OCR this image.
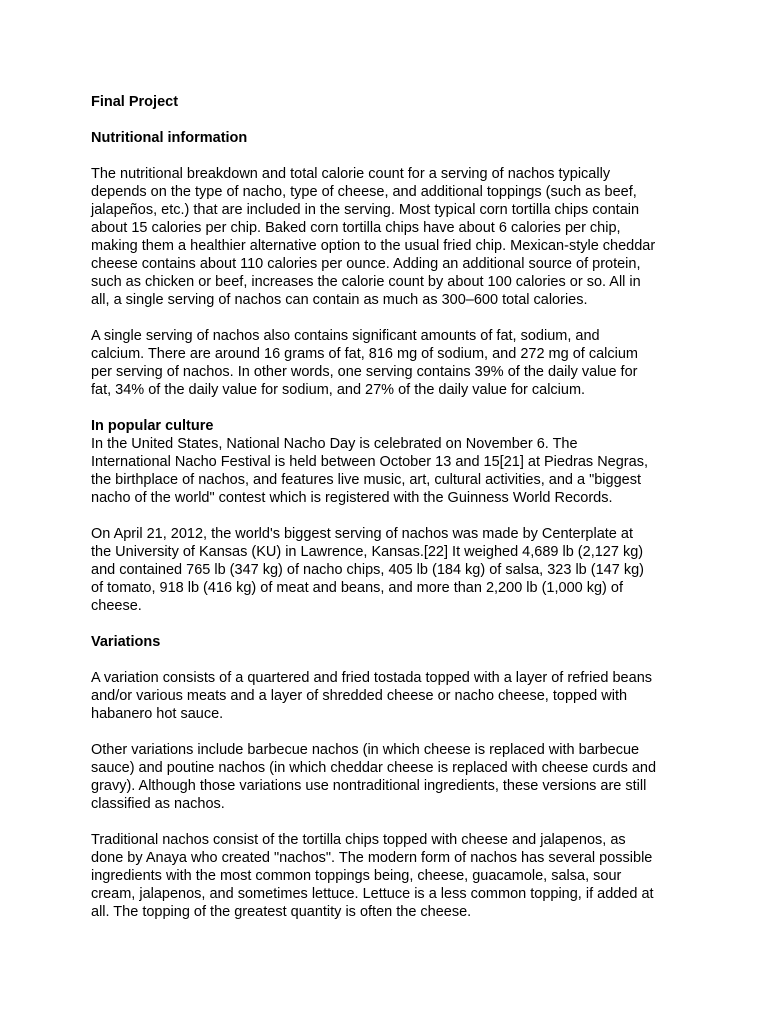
Final Project
Nutritional information

The nutritional breakdown and total calorie count for a serving of nachos typically
depends on the type of nacho, type of cheese, and additional toppings (such as beef,
jalapeños, etc.) that are included in the serving. Most typical corn tortilla chips contain
about 15 calories per chip. Baked corn tortilla chips have about 6 calories per chip,
making them a healthier alternative option to the usual fried chip. Mexican-style cheddar
cheese contains about 110 calories per ounce. Adding an additional source of protein,
such as chicken or beef, increases the calorie count by about 100 calories or so. All in
all, a single serving of nachos can contain as much as 300–600 total calories.

A single serving of nachos also contains significant amounts of fat, sodium, and
calcium. There are around 16 grams of fat, 816 mg of sodium, and 272 mg of calcium
per serving of nachos. In other words, one serving contains 39% of the daily value for
fat, 34% of the daily value for sodium, and 27% of the daily value for calcium.

In popular culture

In the United States, National Nacho Day is celebrated on November 6. The
International Nacho Festival is held between October 13 and 15[21] at Piedras Negras,
the birthplace of nachos, and features live music, art, cultural activities, and a "biggest
nacho of the world" contest which is registered with the Guinness World Records.

On April 21, 2012, the world's biggest serving of nachos was made by Centerplate at
the University of Kansas (KU) in Lawrence, Kansas.[22] It weighed 4,689 lb (2,127 kg)
and contained 765 lb (347 kg) of nacho chips, 405 lb (184 kg) of salsa, 323 lb (147 kg)
of tomato, 918 lb (416 kg) of meat and beans, and more than 2,200 lb (1,000 kg) of
cheese.

Variations

A variation consists of a quartered and fried tostada topped with a layer of refried beans
and/or various meats and a layer of shredded cheese or nacho cheese, topped with
habanero hot sauce.

Other variations include barbecue nachos (in which cheese is replaced with barbecue
sauce) and poutine nachos (in which cheddar cheese is replaced with cheese curds and
gravy). Although those variations use nontraditional ingredients, these versions are still
classified as nachos.

Traditional nachos consist of the tortilla chips topped with cheese and jalapenos, as
done by Anaya who created "nachos". The modern form of nachos has several possible
ingredients with the most common toppings being, cheese, guacamole, salsa, sour
cream, jalapenos, and sometimes lettuce. Lettuce is a less common topping, if added at
all. The topping of the greatest quantity is often the cheese.
